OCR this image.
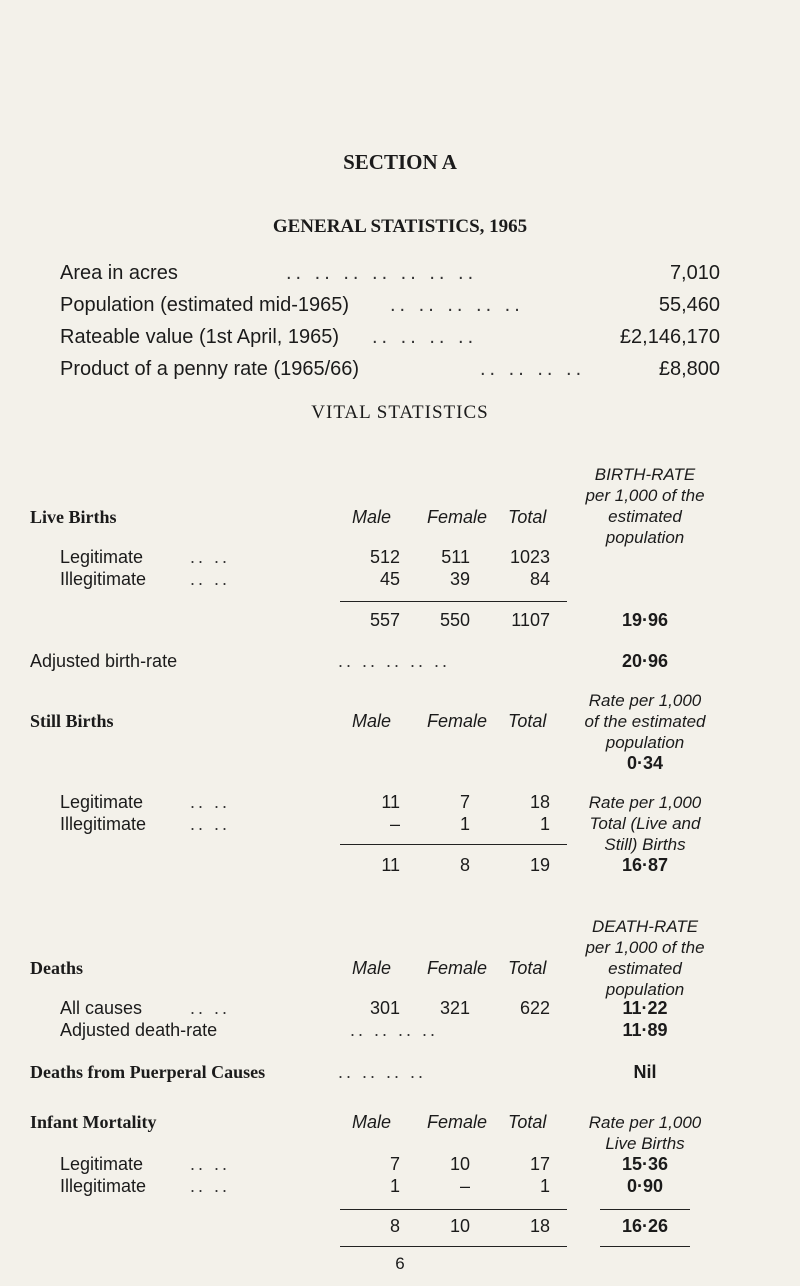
SECTION A
GENERAL STATISTICS, 1965
Area in acres	.. .. .. .. .. .. ..	7,010
Population (estimated mid-1965) .. .. .. .. ..	55,460
Rateable value (1st April, 1965) .. .. .. ..	£2,146,170
Product of a penny rate (1965/66)	.. .. .. ..	£8,800
VITAL STATISTICS
BIRTH-RATE
per 1,000 of the
estimated
population
Live Births	Male Female Total
Legitimate	.. ..	512	511	1023
Illegitimate .. ..	45	39	84
557	550	1107	19·96
Adjusted birth-rate	.. .. .. .. ..	20·96
Rate per 1,000
of the estimated
population
Still Births	Male Female Total
0·34
Legitimate	.. ..	11	7	18
Illegitimate .. ..	–	1	1
Rate per 1,000
Total (Live and
Still) Births
11	8	19	16·87
DEATH-RATE
per 1,000 of the
estimated
population
Deaths	Male Female Total
All causes	.. ..	301	321	622	11·22
Adjusted death-rate	.. .. .. ..	11·89
Deaths from Puerperal Causes	.. .. .. ..	Nil
Infant Mortality	Male Female Total	Rate per 1,000
Live Births
Legitimate	.. ..	7	10	17	15·36
Illegitimate .. ..	1	–	1	0·90
8	10	18	16·26
6
